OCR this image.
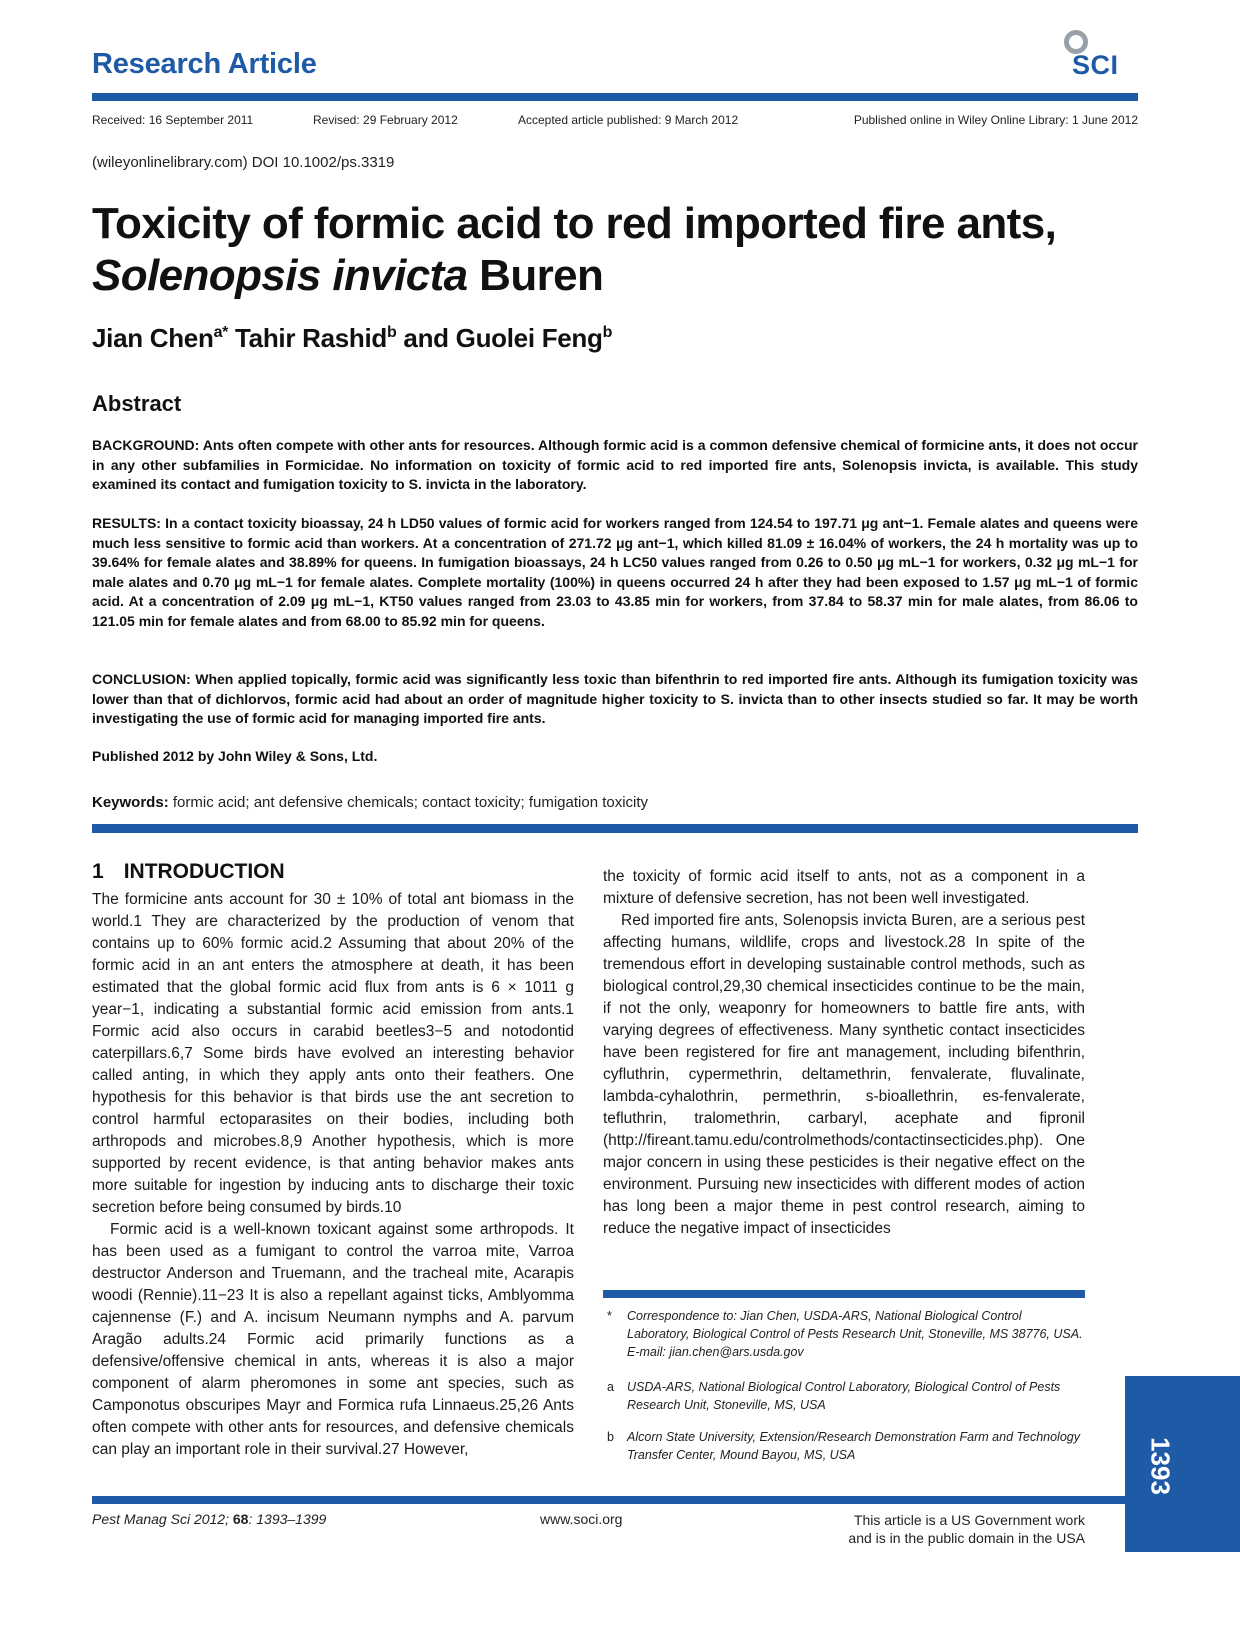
Research Article	SCI
Received: 16 September 2011	Revised: 29 February 2012	Accepted article published: 9 March 2012	Published online in Wiley Online Library: 1 June 2012
(wileyonlinelibrary.com) DOI 10.1002/ps.3319
Toxicity of formic acid to red imported fire ants,
Solenopsis invicta Buren
Jian Chen$^{a*}$ Tahir Rashid$^b$ and Guolei Feng$^b$
Abstract
BACKGROUND: Ants often compete with other ants for resources. Although formic acid is a common defensive chemical of formicine ants, it does not occur in any other subfamilies in Formicidae. No information on toxicity of formic acid to red imported fire ants, Solenopsis invicta, is available. This study examined its contact and fumigation toxicity to S. invicta in the laboratory.
RESULTS: In a contact toxicity bioassay, 24 h LD50 values of formic acid for workers ranged from 124.54 to 197.71 μg ant−1. Female alates and queens were much less sensitive to formic acid than workers. At a concentration of 271.72 μg ant−1, which killed 81.09 ± 16.04% of workers, the 24 h mortality was up to 39.64% for female alates and 38.89% for queens. In fumigation bioassays, 24 h LC50 values ranged from 0.26 to 0.50 μg mL−1 for workers, 0.32 μg mL−1 for male alates and 0.70 μg mL−1 for female alates. Complete mortality (100%) in queens occurred 24 h after they had been exposed to 1.57 μg mL−1 of formic acid. At a concentration of 2.09 μg mL−1, KT50 values ranged from 23.03 to 43.85 min for workers, from 37.84 to 58.37 min for male alates, from 86.06 to 121.05 min for female alates and from 68.00 to 85.92 min for queens.
CONCLUSION: When applied topically, formic acid was significantly less toxic than bifenthrin to red imported fire ants. Although its fumigation toxicity was lower than that of dichlorvos, formic acid had about an order of magnitude higher toxicity to S. invicta than to other insects studied so far. It may be worth investigating the use of formic acid for managing imported fire ants.
Published 2012 by John Wiley & Sons, Ltd.
Keywords: formic acid; ant defensive chemicals; contact toxicity; fumigation toxicity
1 INTRODUCTION

The formicine ants account for 30 ± 10% of total ant biomass in the world.1 They are characterized by the production of venom that contains up to 60% formic acid.2 Assuming that about 20% of the formic acid in an ant enters the atmosphere at death, it has been estimated that the global formic acid flux from ants is 6 × 1011 g year−1, indicating a substantial formic acid emission from ants.1 Formic acid also occurs in carabid beetles3−5 and notodontid caterpillars.6,7 Some birds have evolved an interesting behavior called anting, in which they apply ants onto their feathers. One hypothesis for this behavior is that birds use the ant secretion to control harmful ectoparasites on their bodies, including both arthropods and microbes.8,9 Another hypothesis, which is more supported by recent evidence, is that anting behavior makes ants more suitable for ingestion by inducing ants to discharge their toxic secretion before being consumed by birds.10

Formic acid is a well-known toxicant against some arthropods. It has been used as a fumigant to control the varroa mite, Varroa destructor Anderson and Truemann, and the tracheal mite, Acarapis woodi (Rennie).11−23 It is also a repellant against ticks, Amblyomma cajennense (F.) and A. incisum Neumann nymphs and A. parvum Aragão adults.24 Formic acid primarily functions as a defensive/offensive chemical in ants, whereas it is also a major component of alarm pheromones in some ant species, such as Camponotus obscuripes Mayr and Formica rufa Linnaeus.25,26 Ants often compete with other ants for resources, and defensive chemicals can play an important role in their survival.27 However,

the toxicity of formic acid itself to ants, not as a component in a mixture of defensive secretion, has not been well investigated.

Red imported fire ants, Solenopsis invicta Buren, are a serious pest affecting humans, wildlife, crops and livestock.28 In spite of the tremendous effort in developing sustainable control methods, such as biological control,29,30 chemical insecticides continue to be the main, if not the only, weaponry for homeowners to battle fire ants, with varying degrees of effectiveness. Many synthetic contact insecticides have been registered for fire ant management, including bifenthrin, cyfluthrin, cypermethrin, deltamethrin, fenvalerate, fluvalinate, lambda-cyhalothrin, permethrin, s-bioallethrin, es-fenvalerate, tefluthrin, tralomethrin, carbaryl, acephate and fipronil (http://fireant.tamu.edu/controlmethods/contactinsecticides.php). One major concern in using these pesticides is their negative effect on the environment. Pursuing new insecticides with different modes of action has long been a major theme in pest control research, aiming to reduce the negative impact of insecticides

* Correspondence to: Jian Chen, USDA-ARS, National Biological Control Laboratory, Biological Control of Pests Research Unit, Stoneville, MS 38776, USA. E-mail: jian.chen@ars.usda.gov
a USDA-ARS, National Biological Control Laboratory, Biological Control of Pests Research Unit, Stoneville, MS, USA
b Alcorn State University, Extension/Research Demonstration Farm and Technology Transfer Center, Mound Bayou, MS, USA	1393
Pest Manag Sci 2012; 68: 1393–1399	www.soci.org	This article is a US Government work
and is in the public domain in the USA
